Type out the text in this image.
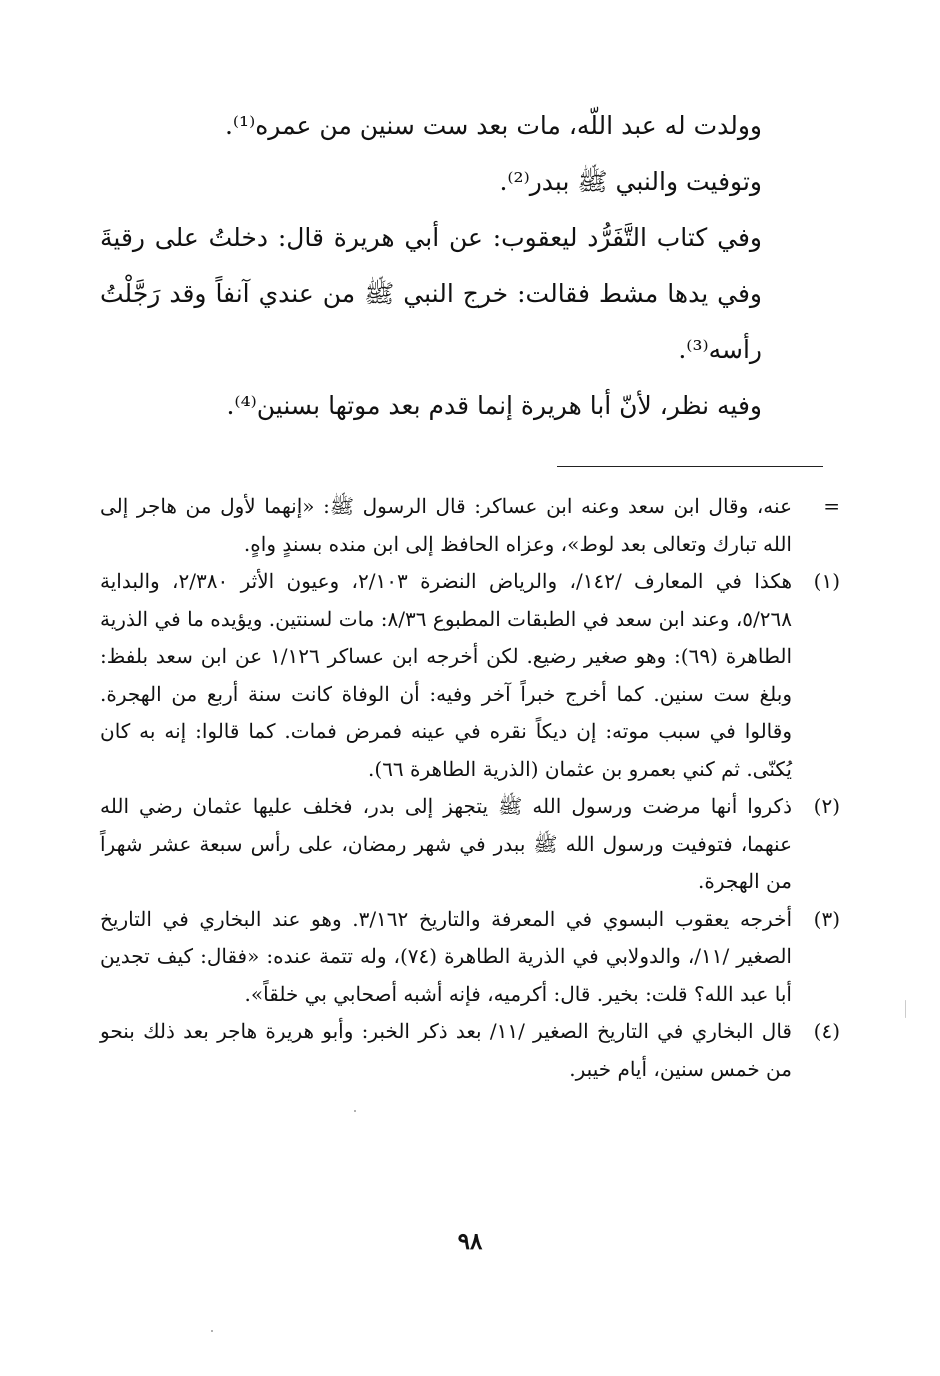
وولدت له عبد اللّه، مات بعد ست سنين من عمره⁽¹⁾.

وتوفيت والنبي ﷺ ببدر⁽²⁾.

وفي كتاب التَّفَرُّد ليعقوب: عن أبي هريرة قال: دخلتُ على رقيةَ وفي يدها مشط فقالت: خرج النبي ﷺ من عندي آنفاً وقد رَجَّلْتُ رأسه⁽³⁾.

وفيه نظر، لأنّ أبا هريرة إنما قدم بعد موتها بسنين⁽⁴⁾.

=
عنه، وقال ابن سعد وعنه ابن عساكر: قال الرسول ﷺ: «إنهما لأول من هاجر إلى الله تبارك وتعالى بعد لوط»، وعزاه الحافظ إلى ابن منده بسندٍ واهٍ.
(١)
هكذا في المعارف /١٤٢/، والرياض النضرة ٢/١٠٣، وعيون الأثر ٢/٣٨٠، والبداية ٥/٢٦٨، وعند ابن سعد في الطبقات المطبوع ٨/٣٦: مات لسنتين. ويؤيده ما في الذرية الطاهرة (٦٩): وهو صغير رضيع. لكن أخرجه ابن عساكر ١/١٢٦ عن ابن سعد بلفظ: وبلغ ست سنين. كما أخرج خبراً آخر وفيه: أن الوفاة كانت سنة أربع من الهجرة. وقالوا في سبب موته: إن ديكاً نقره في عينه فمرض فمات. كما قالوا: إنه به كان يُكنّى. ثم كني بعمرو بن عثمان (الذرية الطاهرة ٦٦).
(٢)
ذكروا أنها مرضت ورسول الله ﷺ يتجهز إلى بدر، فخلف عليها عثمان رضي الله عنهما، فتوفيت ورسول الله ﷺ ببدر في شهر رمضان، على رأس سبعة عشر شهراً من الهجرة.
(٣)
أخرجه يعقوب البسوي في المعرفة والتاريخ ٣/١٦٢. وهو عند البخاري في التاريخ الصغير /١١/، والدولابي في الذرية الطاهرة (٧٤)، وله تتمة عنده: «فقال: كيف تجدين أبا عبد الله؟ قلت: بخير. قال: أكرميه، فإنه أشبه أصحابي بي خلقاً».
(٤)
قال البخاري في التاريخ الصغير /١١/ بعد ذكر الخبر: وأبو هريرة هاجر بعد ذلك بنحو من خمس سنين، أيام خيبر.
٩٨
